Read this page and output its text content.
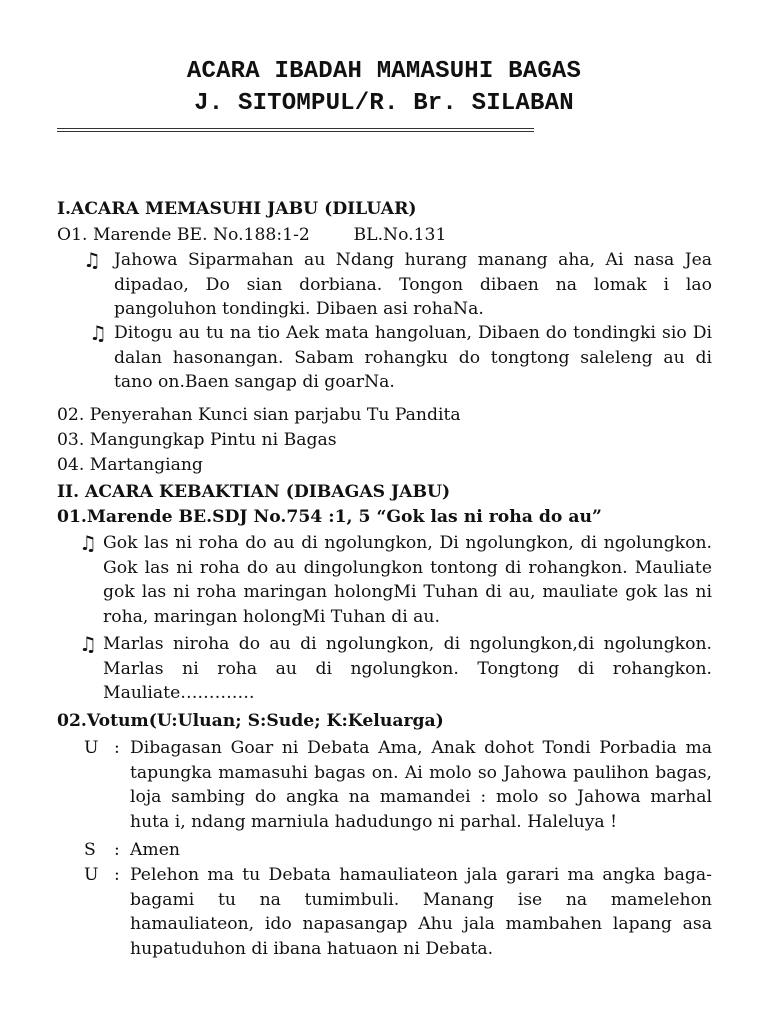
ACARA IBADAH MAMASUHI BAGAS
J. SITOMPUL/R. Br. SILABAN
I.ACARA MEMASUHI JABU (DILUAR)
O1. Marende BE. No.188:1-2        BL.No.131
♫ Jahowa Siparmahan au Ndang hurang manang aha, Ai nasa Jea dipadao, Do sian dorbiana. Tongon dibaen na lomak i lao pangoluhon tondingki. Dibaen asi rohaNa.
♫ Ditogu au tu na tio Aek mata hangoluan, Dibaen do tondingki sio Di dalan hasonangan. Sabam rohangku do tongtong saleleng au di tano on.Baen sangap di goarNa.
02. Penyerahan Kunci sian parjabu Tu Pandita
03. Mangungkap Pintu ni Bagas
04. Martangiang
II. ACARA KEBAKTIAN (DIBAGAS JABU)
01.Marende BE.SDJ No.754 :1, 5 “Gok las ni roha do au”
♫ Gok las ni roha do au di ngolungkon, Di ngolungkon, di ngolungkon. Gok las ni roha do au dingolungkon tontong di rohangkon. Mauliate gok las ni roha maringan holongMi Tuhan di au, mauliate gok las ni roha, maringan holongMi Tuhan di au.
♫ Marlas niroha do au di ngolungkon, di ngolungkon,di ngolungkon. Marlas ni roha au di ngolungkon. Tongtong di rohangkon. Mauliate………….
02.Votum(U:Uluan; S:Sude; K:Keluarga)
U : Dibagasan Goar ni Debata Ama, Anak dohot Tondi Porbadia ma tapungka mamasuhi bagas on. Ai molo so Jahowa paulihon bagas, loja sambing do angka na mamandei : molo so Jahowa marhal huta i, ndang marniula hadudungo ni parhal. Haleluya !
S : Amen
U : Pelehon ma tu Debata hamauliateon jala garari ma angka baga-bagami tu na tumimbuli. Manang ise na mamelehon hamauliateon, ido napasangap Ahu jala mambahen lapang asa hupatuduhon di ibana hatuaon ni Debata.
